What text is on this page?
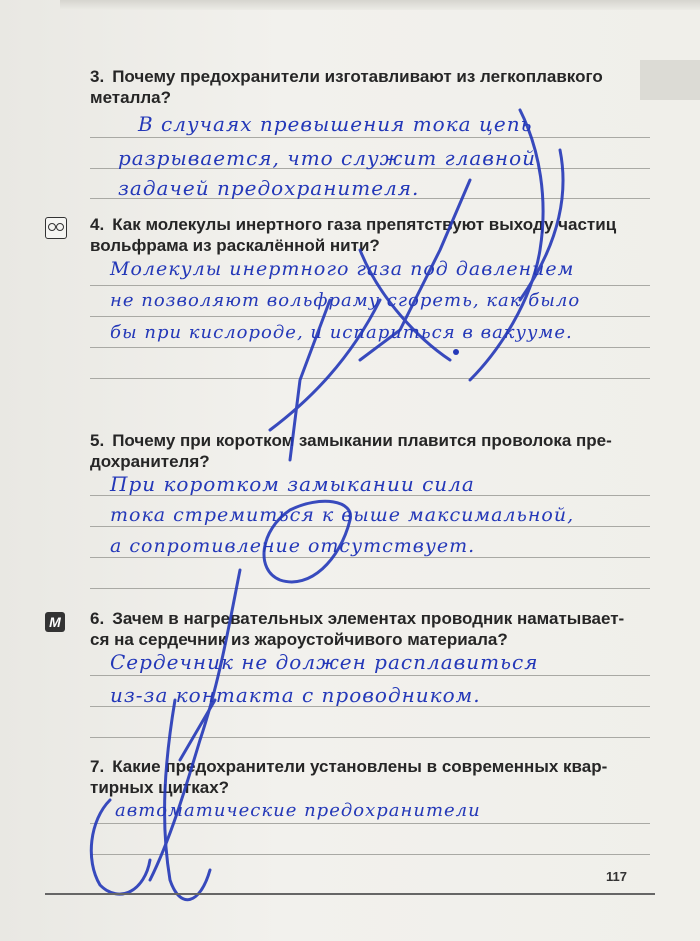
3. Почему предохранители изготавливают из легкоплавкого
металла?
В случаях превышения тока цепь
разрывается, что служит главной
задачей предохранителя.
4. Как молекулы инертного газа препятствуют выходу частиц
вольфрама из раскалённой нити?
Молекулы инертного газа под давлением
не позволяют вольфраму сгореть, как было
бы при кислороде, и испариться в вакууме.
5. Почему при коротком замыкании плавится проволока пре-
дохранителя?
При коротком замыкании сила
тока стремиться к выше максимальной,
а сопротивление отсутствует.
М 6. Зачем в нагревательных элементах проводник наматывает-
ся на сердечник из жароустойчивого материала?
Сердечник не должен расплавиться
из-за контакта с проводником.
7. Какие предохранители установлены в современных квар-
тирных щитках?
автоматические предохранители
117
